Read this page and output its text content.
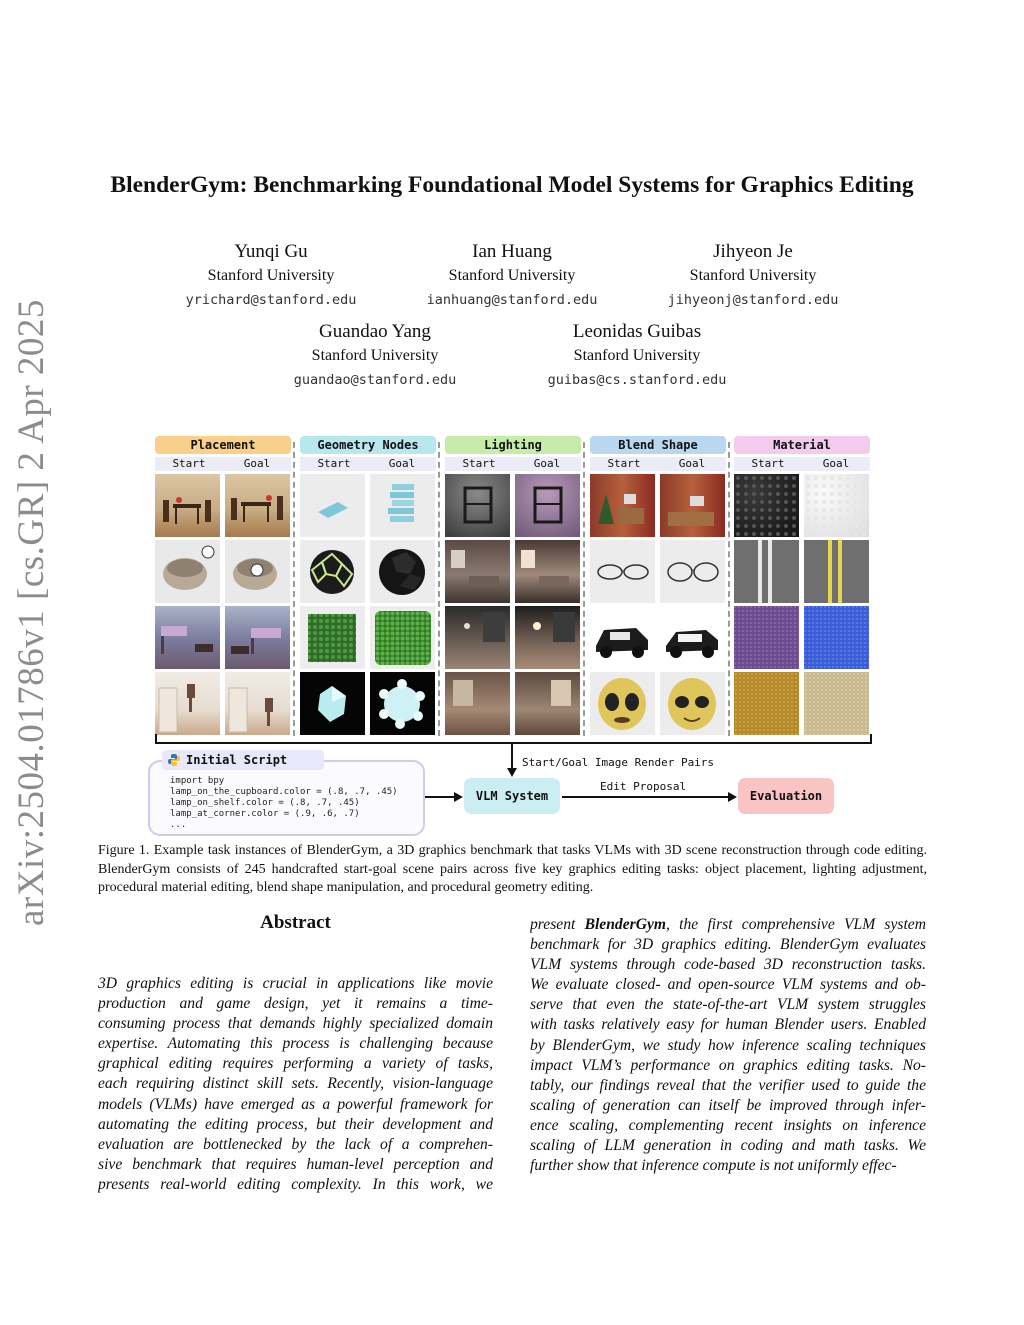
arXiv:2504.01786v1 [cs.GR] 2 Apr 2025
BlenderGym: Benchmarking Foundational Model Systems for Graphics Editing
Yunqi Gu
Stanford University
yrichard@stanford.edu
Ian Huang
Stanford University
ianhuang@stanford.edu
Jihyeon Je
Stanford University
jihyeonj@stanford.edu
Guandao Yang
Stanford University
guandao@stanford.edu
Leonidas Guibas
Stanford University
guibas@cs.stanford.edu
Placement
Start	Goal
Geometry Nodes
Start	Goal
Lighting
Start	Goal
Blend Shape
Start	Goal
Material
Start	Goal
Start/Goal Image Render Pairs
import bpy
lamp_on_the_cupboard.color = (.8, .7, .45)
lamp_on_shelf.color = (.8, .7, .45)
lamp_at_corner.color = (.9, .6, .7)
...
Initial Script
VLM System
Edit Proposal
Evaluation
Figure 1. Example task instances of BlenderGym, a 3D graphics benchmark that tasks VLMs with 3D scene reconstruction through code editing. BlenderGym consists of 245 handcrafted start-goal scene pairs across five key graphics editing tasks: object placement, lighting adjustment, procedural material editing, blend shape manipulation, and procedural geometry editing.
Abstract
3D graphics editing is crucial in applications like movie
production and game design, yet it remains a time-
consuming process that demands highly specialized domain
expertise. Automating this process is challenging because
graphical editing requires performing a variety of tasks,
each requiring distinct skill sets. Recently, vision-language
models (VLMs) have emerged as a powerful framework for
automating the editing process, but their development and
evaluation are bottlenecked by the lack of a comprehen-
sive benchmark that requires human-level perception and
presents real-world editing complexity. In this work, we
present BlenderGym, the first comprehensive VLM system
benchmark for 3D graphics editing. BlenderGym evaluates
VLM systems through code-based 3D reconstruction tasks.
We evaluate closed- and open-source VLM systems and ob-
serve that even the state-of-the-art VLM system struggles
with tasks relatively easy for human Blender users. Enabled
by BlenderGym, we study how inference scaling techniques
impact VLM’s performance on graphics editing tasks. No-
tably, our findings reveal that the verifier used to guide the
scaling of generation can itself be improved through infer-
ence scaling, complementing recent insights on inference
scaling of LLM generation in coding and math tasks. We
further show that inference compute is not uniformly effec-
